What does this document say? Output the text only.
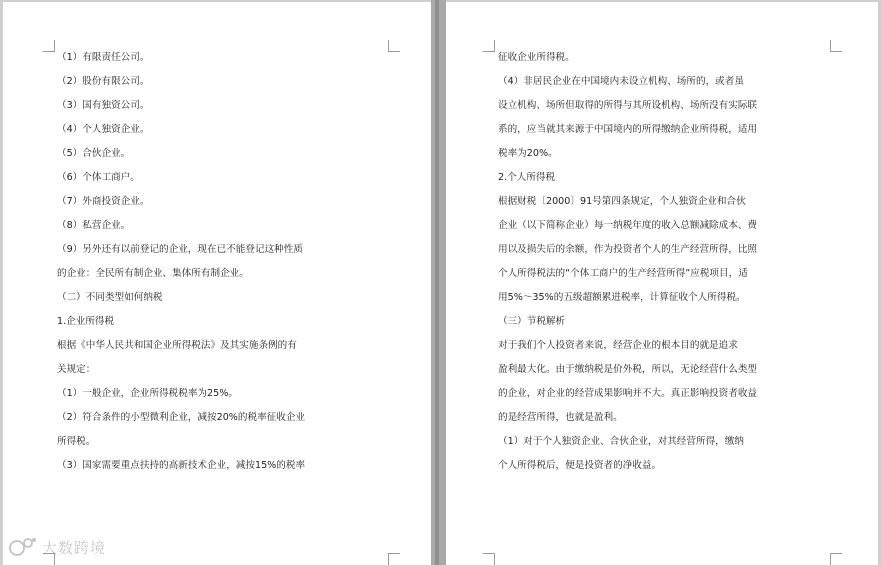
（1）有限责任公司。
（2）股份有限公司。
（3）国有独资公司。
（4）个人独资企业。
（5）合伙企业。
（6）个体工商户。
（7）外商投资企业。
（8）私营企业。
（9）另外还有以前登记的企业，现在已不能登记这种性质
的企业：全民所有制企业、集体所有制企业。
（二）不同类型如何纳税
1.企业所得税
根据《中华人民共和国企业所得税法》及其实施条例的有
关规定：
（1）一般企业，企业所得税税率为25%。
（2）符合条件的小型微利企业，减按20%的税率征收企业
所得税。
（3）国家需要重点扶持的高新技术企业，减按15%的税率
征收企业所得税。
（4）非居民企业在中国境内未设立机构、场所的，或者虽
设立机构、场所但取得的所得与其所设机构、场所没有实际联
系的，应当就其来源于中国境内的所得缴纳企业所得税，适用
税率为20%。
2.个人所得税
根据财税〔2000〕91号第四条规定，个人独资企业和合伙
企业（以下简称企业）每一纳税年度的收入总额减除成本、费
用以及损失后的余额，作为投资者个人的生产经营所得，比照
个人所得税法的“个体工商户的生产经营所得”应税项目，适
用5%～35%的五级超额累进税率，计算征收个人所得税。
（三）节税解析
对于我们个人投资者来说，经营企业的根本目的就是追求
盈利最大化。由于缴纳税是价外税，所以，无论经营什么类型
的企业，对企业的经营成果影响并不大。真正影响投资者收益
的是经营所得，也就是盈利。
（1）对于个人独资企业、合伙企业，对其经营所得，缴纳
个人所得税后，便是投资者的净收益。
大数跨境
